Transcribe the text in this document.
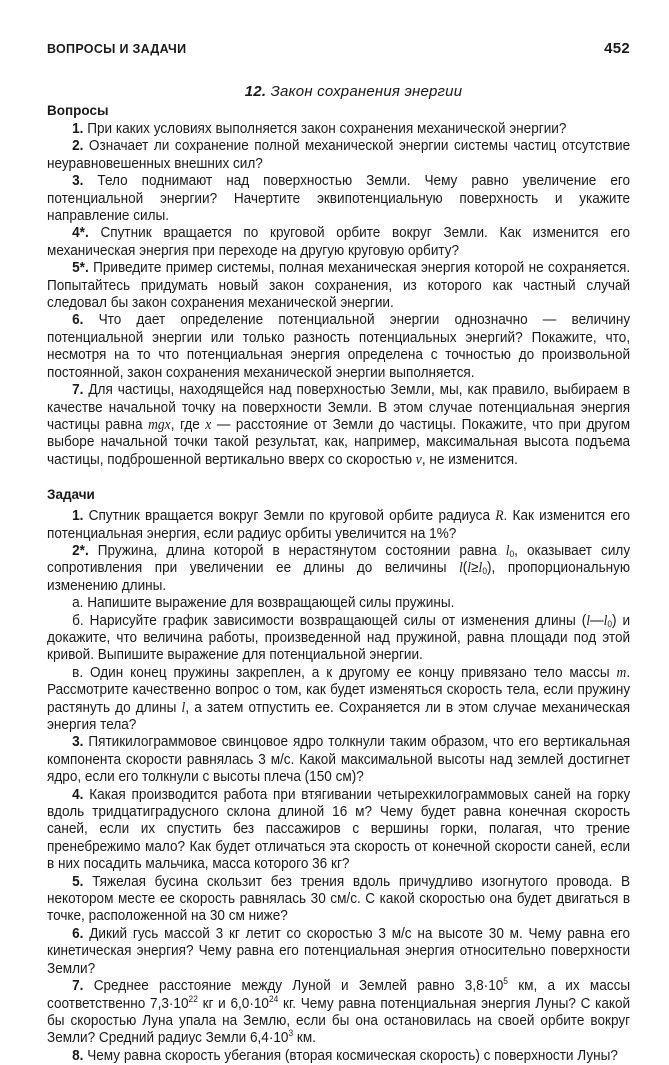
ВОПРОСЫ И ЗАДАЧИ	452
12. Закон сохранения энергии
Вопросы

1. При каких условиях выполняется закон сохранения механической энергии?

2. Означает ли сохранение полной механической энергии системы частиц отсутствие неуравновешенных внешних сил?

3. Тело поднимают над поверхностью Земли. Чему равно увеличение его потенциальной энергии? Начертите эквипотенциальную поверхность и укажите направление силы.

4*. Спутник вращается по круговой орбите вокруг Земли. Как изменится его механическая энергия при переходе на другую круговую орбиту?

5*. Приведите пример системы, полная механическая энергия которой не сохраняется. Попытайтесь придумать новый закон сохранения, из которого как частный случай следовал бы закон сохранения механической энергии.

6. Что дает определение потенциальной энергии однозначно — величину потенциальной энергии или только разность потенциальных энергий? Покажите, что, несмотря на то что потенциальная энергия определена с точностью до произвольной постоянной, закон сохранения механической энергии выполняется.

7. Для частицы, находящейся над поверхностью Земли, мы, как правило, выбираем в качестве начальной точку на поверхности Земли. В этом случае потенциальная энергия частицы равна mgx, где x — расстояние от Земли до частицы. Покажите, что при другом выборе начальной точки такой результат, как, например, максимальная высота подъема частицы, подброшенной вертикально вверх со скоростью v, не изменится.

Задачи

1. Спутник вращается вокруг Земли по круговой орбите радиуса R. Как изменится его потенциальная энергия, если радиус орбиты увеличится на 1%?

2*. Пружина, длина которой в нерастянутом состоянии равна $l_0$, оказывает силу сопротивления при увеличении ее длины до величины $l(l\ge l_0)$, пропорциональную изменению длины.

а. Напишите выражение для возвращающей силы пружины.

б. Нарисуйте график зависимости возвращающей силы от изменения длины $(l—l_0)$ и докажите, что величина работы, произведенной над пружиной, равна площади под этой кривой. Выпишите выражение для потенциальной энергии.

в. Один конец пружины закреплен, а к другому ее концу привязано тело массы m. Рассмотрите качественно вопрос о том, как будет изменяться скорость тела, если пружину растянуть до длины l, а затем отпустить ее. Сохраняется ли в этом случае механическая энергия тела?

3. Пятикилограммовое свинцовое ядро толкнули таким образом, что его вертикальная компонента скорости равнялась 3 м/с. Какой максимальной высоты над землей достигнет ядро, если его толкнули с высоты плеча (150 см)?

4. Какая производится работа при втягивании четырехкилограммовых саней на горку вдоль тридцатиградусного склона длиной 16 м? Чему будет равна конечная скорость саней, если их спустить без пассажиров с вершины горки, полагая, что трение пренебрежимо мало? Как будет отличаться эта скорость от конечной скорости саней, если в них посадить мальчика, масса которого 36 кг?

5. Тяжелая бусина скользит без трения вдоль причудливо изогнутого провода. В некотором месте ее скорость равнялась 30 см/с. С какой скоростью она будет двигаться в точке, расположенной на 30 см ниже?

6. Дикий гусь массой 3 кг летит со скоростью 3 м/с на высоте 30 м. Чему равна его кинетическая энергия? Чему равна его потенциальная энергия относительно поверхности Земли?

7. Среднее расстояние между Луной и Землей равно $3,8\cdot 10^5$ км, а их массы соответственно $7,3\cdot 10^{22}$ кг и $6,0\cdot 10^{24}$ кг. Чему равна потенциальная энергия Луны? С какой бы скоростью Луна упала на Землю, если бы она остановилась на своей орбите вокруг Земли? Средний радиус Земли $6,4\cdot 10^3$ км.

8. Чему равна скорость убегания (вторая космическая скорость) с поверхности Луны?
